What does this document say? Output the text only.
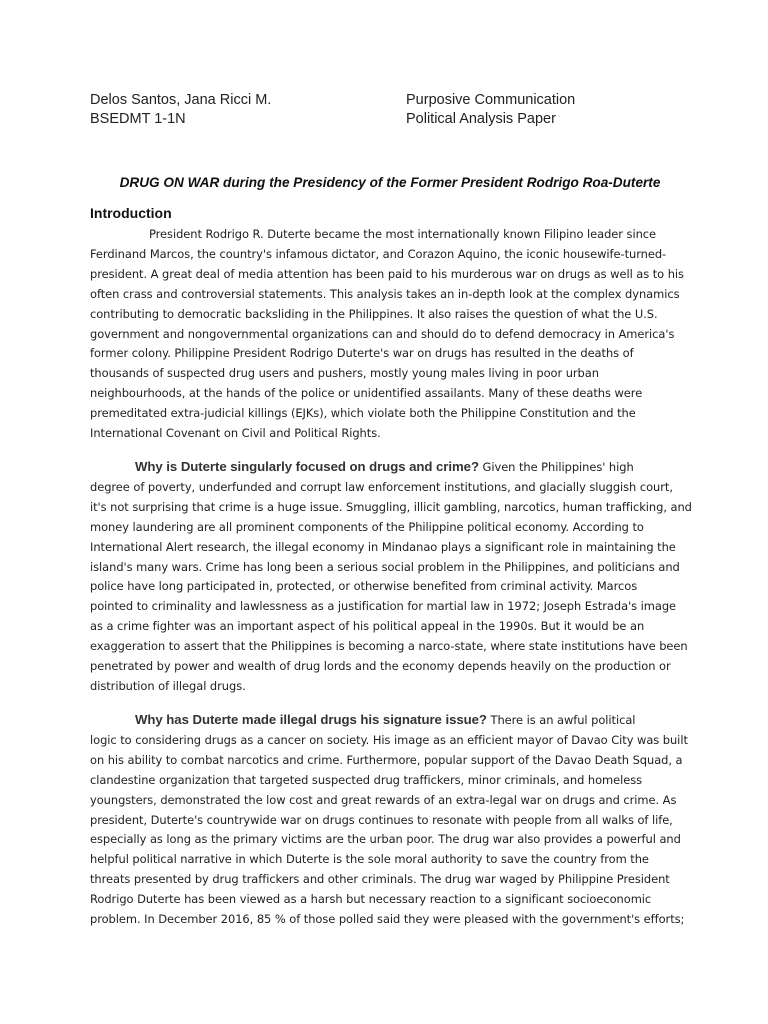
Delos Santos, Jana Ricci M.
BSEDMT 1-1N
Purposive Communication
Political Analysis Paper
DRUG ON WAR during the Presidency of the Former President Rodrigo Roa-Duterte
Introduction
President Rodrigo R. Duterte became the most internationally known Filipino leader since
Ferdinand Marcos, the country's infamous dictator, and Corazon Aquino, the iconic housewife-turned-
president. A great deal of media attention has been paid to his murderous war on drugs as well as to his
often crass and controversial statements. This analysis takes an in-depth look at the complex dynamics
contributing to democratic backsliding in the Philippines. It also raises the question of what the U.S.
government and nongovernmental organizations can and should do to defend democracy in America's
former colony. Philippine President Rodrigo Duterte's war on drugs has resulted in the deaths of
thousands of suspected drug users and pushers, mostly young males living in poor urban
neighbourhoods, at the hands of the police or unidentified assailants. Many of these deaths were
premeditated extra-judicial killings (EJKs), which violate both the Philippine Constitution and the
International Covenant on Civil and Political Rights.
Why is Duterte singularly focused on drugs and crime? Given the Philippines' high
degree of poverty, underfunded and corrupt law enforcement institutions, and glacially sluggish court,
it's not surprising that crime is a huge issue. Smuggling, illicit gambling, narcotics, human trafficking, and
money laundering are all prominent components of the Philippine political economy. According to
International Alert research, the illegal economy in Mindanao plays a significant role in maintaining the
island's many wars. Crime has long been a serious social problem in the Philippines, and politicians and
police have long participated in, protected, or otherwise benefited from criminal activity. Marcos
pointed to criminality and lawlessness as a justification for martial law in 1972; Joseph Estrada's image
as a crime fighter was an important aspect of his political appeal in the 1990s. But it would be an
exaggeration to assert that the Philippines is becoming a narco-state, where state institutions have been
penetrated by power and wealth of drug lords and the economy depends heavily on the production or
distribution of illegal drugs.
Why has Duterte made illegal drugs his signature issue? There is an awful political
logic to considering drugs as a cancer on society. His image as an efficient mayor of Davao City was built
on his ability to combat narcotics and crime. Furthermore, popular support of the Davao Death Squad, a
clandestine organization that targeted suspected drug traffickers, minor criminals, and homeless
youngsters, demonstrated the low cost and great rewards of an extra-legal war on drugs and crime. As
president, Duterte's countrywide war on drugs continues to resonate with people from all walks of life,
especially as long as the primary victims are the urban poor. The drug war also provides a powerful and
helpful political narrative in which Duterte is the sole moral authority to save the country from the
threats presented by drug traffickers and other criminals. The drug war waged by Philippine President
Rodrigo Duterte has been viewed as a harsh but necessary reaction to a significant socioeconomic
problem. In December 2016, 85 % of those polled said they were pleased with the government's efforts;
